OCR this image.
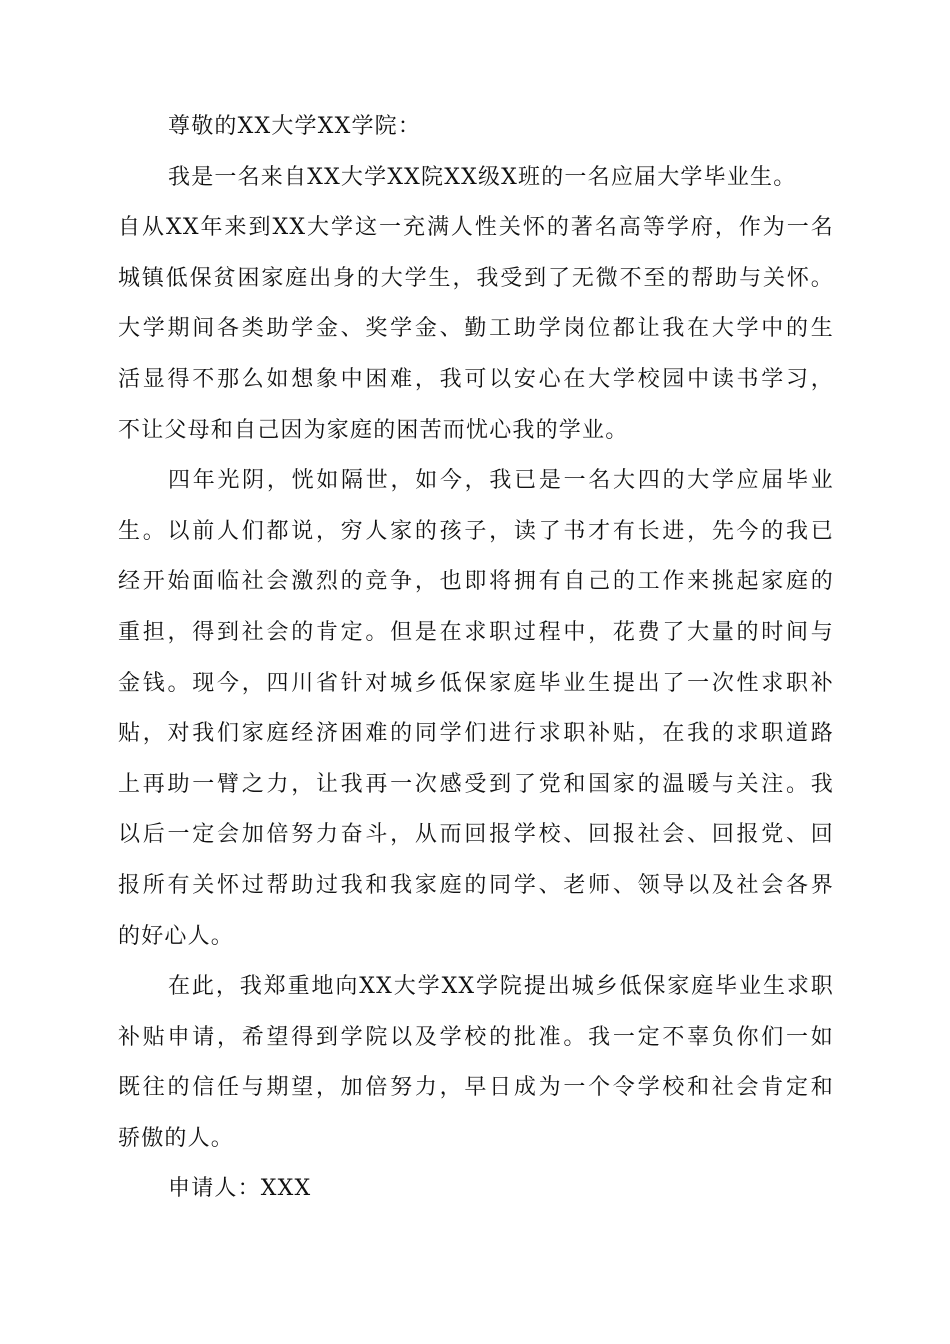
尊敬的XX大学XX学院：
我是一名来自XX大学XX院XX级X班的一名应届大学毕业生。
自从XX年来到XX大学这一充满人性关怀的著名高等学府，作为一名
城镇低保贫困家庭出身的大学生，我受到了无微不至的帮助与关怀。
大学期间各类助学金、奖学金、勤工助学岗位都让我在大学中的生
活显得不那么如想象中困难，我可以安心在大学校园中读书学习，
不让父母和自己因为家庭的困苦而忧心我的学业。
四年光阴，恍如隔世，如今，我已是一名大四的大学应届毕业
生。以前人们都说，穷人家的孩子，读了书才有长进，先今的我已
经开始面临社会激烈的竞争，也即将拥有自己的工作来挑起家庭的
重担，得到社会的肯定。但是在求职过程中，花费了大量的时间与
金钱。现今，四川省针对城乡低保家庭毕业生提出了一次性求职补
贴，对我们家庭经济困难的同学们进行求职补贴，在我的求职道路
上再助一臂之力，让我再一次感受到了党和国家的温暖与关注。我
以后一定会加倍努力奋斗，从而回报学校、回报社会、回报党、回
报所有关怀过帮助过我和我家庭的同学、老师、领导以及社会各界
的好心人。
在此，我郑重地向XX大学XX学院提出城乡低保家庭毕业生求职
补贴申请，希望得到学院以及学校的批准。我一定不辜负你们一如
既往的信任与期望，加倍努力，早日成为一个令学校和社会肯定和
骄傲的人。
申请人：XXX
